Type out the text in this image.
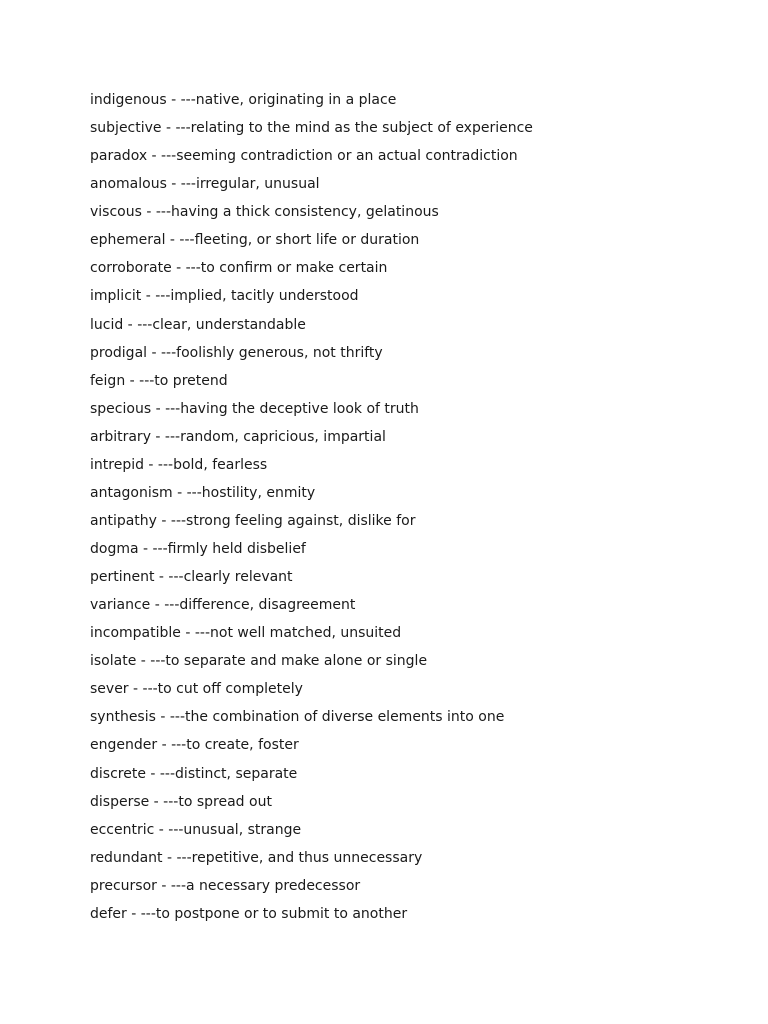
indigenous - ---native, originating in a place
subjective - ---relating to the mind as the subject of experience
paradox - ---seeming contradiction or an actual contradiction
anomalous - ---irregular, unusual
viscous - ---having a thick consistency, gelatinous
ephemeral - ---fleeting, or short life or duration
corroborate - ---to confirm or make certain
implicit - ---implied, tacitly understood
lucid - ---clear, understandable
prodigal - ---foolishly generous, not thrifty
feign - ---to pretend
specious - ---having the deceptive look of truth
arbitrary - ---random, capricious, impartial
intrepid - ---bold, fearless
antagonism - ---hostility, enmity
antipathy - ---strong feeling against, dislike for
dogma - ---firmly held disbelief
pertinent - ---clearly relevant
variance - ---difference, disagreement
incompatible - ---not well matched, unsuited
isolate - ---to separate and make alone or single
sever - ---to cut off completely
synthesis - ---the combination of diverse elements into one
engender - ---to create, foster
discrete - ---distinct, separate
disperse - ---to spread out
eccentric - ---unusual, strange
redundant - ---repetitive, and thus unnecessary
precursor - ---a necessary predecessor
defer - ---to postpone or to submit to another
